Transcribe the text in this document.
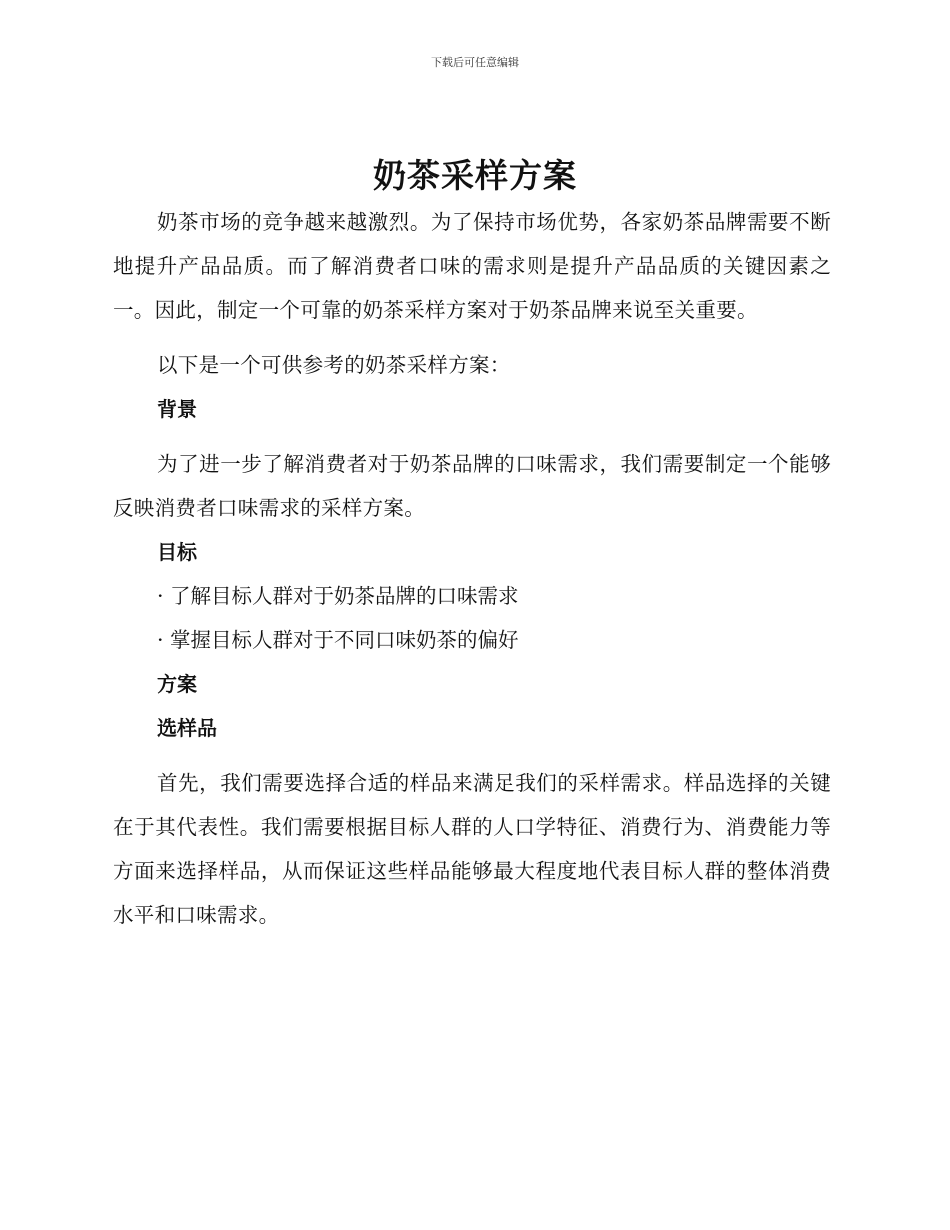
下载后可任意编辑
奶茶采样方案

奶茶市场的竞争越来越激烈。为了保持市场优势，各家奶茶品牌需要不断地提升产品品质。而了解消费者口味的需求则是提升产品品质的关键因素之一。因此，制定一个可靠的奶茶采样方案对于奶茶品牌来说至关重要。

以下是一个可供参考的奶茶采样方案：

背景

为了进一步了解消费者对于奶茶品牌的口味需求，我们需要制定一个能够反映消费者口味需求的采样方案。

目标

· 了解目标人群对于奶茶品牌的口味需求

· 掌握目标人群对于不同口味奶茶的偏好

方案

选样品

首先，我们需要选择合适的样品来满足我们的采样需求。样品选择的关键在于其代表性。我们需要根据目标人群的人口学特征、消费行为、消费能力等方面来选择样品，从而保证这些样品能够最大程度地代表目标人群的整体消费水平和口味需求。
